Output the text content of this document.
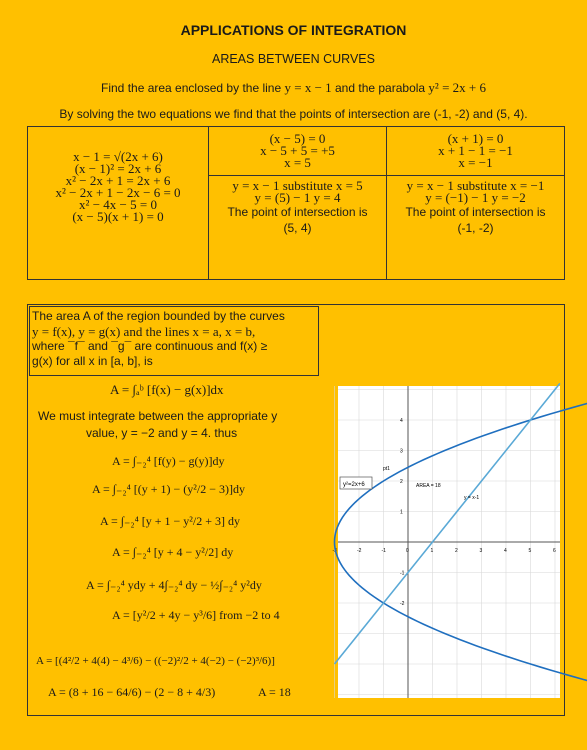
APPLICATIONS OF INTEGRATION
AREAS BETWEEN CURVES
Find the area enclosed by the line y = x − 1 and the parabola y² = 2x + 6
By solving the two equations we find that the points of intersection are (-1, -2) and (5, 4).
x − 1 = √(2x + 6)
(x − 1)² = 2x + 6
x² − 2x + 1 = 2x + 6
x² − 2x + 1 − 2x − 6 = 0
x² − 4x − 5 = 0
(x − 5)(x + 1) = 0

(x − 5) = 0
x − 5 + 5 = +5
x = 5
y = x − 1 substitute x = 5
y = (5) − 1 y = 4
The point of intersection is
(5, 4)

(x + 1) = 0
x + 1 − 1 = −1
x = −1
y = x − 1 substitute x = −1
y = (−1) − 1 y = −2
The point of intersection is
(-1, -2)
The area A of the region bounded by the curves
y = f(x), y = g(x) and the lines x = a, x = b,
where ¯f¯ and ¯g¯ are continuous and f(x) ≥
g(x) for all x in [a, b], is
A = ∫ₐᵇ [f(x) − g(x)]dx
We must integrate between the appropriate y
value, y = −2 and y = 4. thus
A = ∫₋₂⁴ [f(y) − g(y)]dy
A = ∫₋₂⁴ [(y + 1) − (y²/2 − 3)]dy
A = ∫₋₂⁴ [y + 1 − y²/2 + 3] dy
A = ∫₋₂⁴ [y + 4 − y²/2] dy
A = ∫₋₂⁴ ydy + 4∫₋₂⁴ dy − ½∫₋₂⁴ y²dy
A = [y²/2 + 4y − y³/6] from −2 to 4
A = [(4²/2 + 4(4) − 4³/6) − ((−2)²/2 + 4(−2) − (−2)³/6)]
A = (8 + 16 − 64/6) − (2 − 8 + 4/3)	A = 18
-3	-2	-1	0	1	2	3	4	5	6
4
3
2
1
-1
-2
y²=2x+6
pt1
AREA = 18
y = x-1
